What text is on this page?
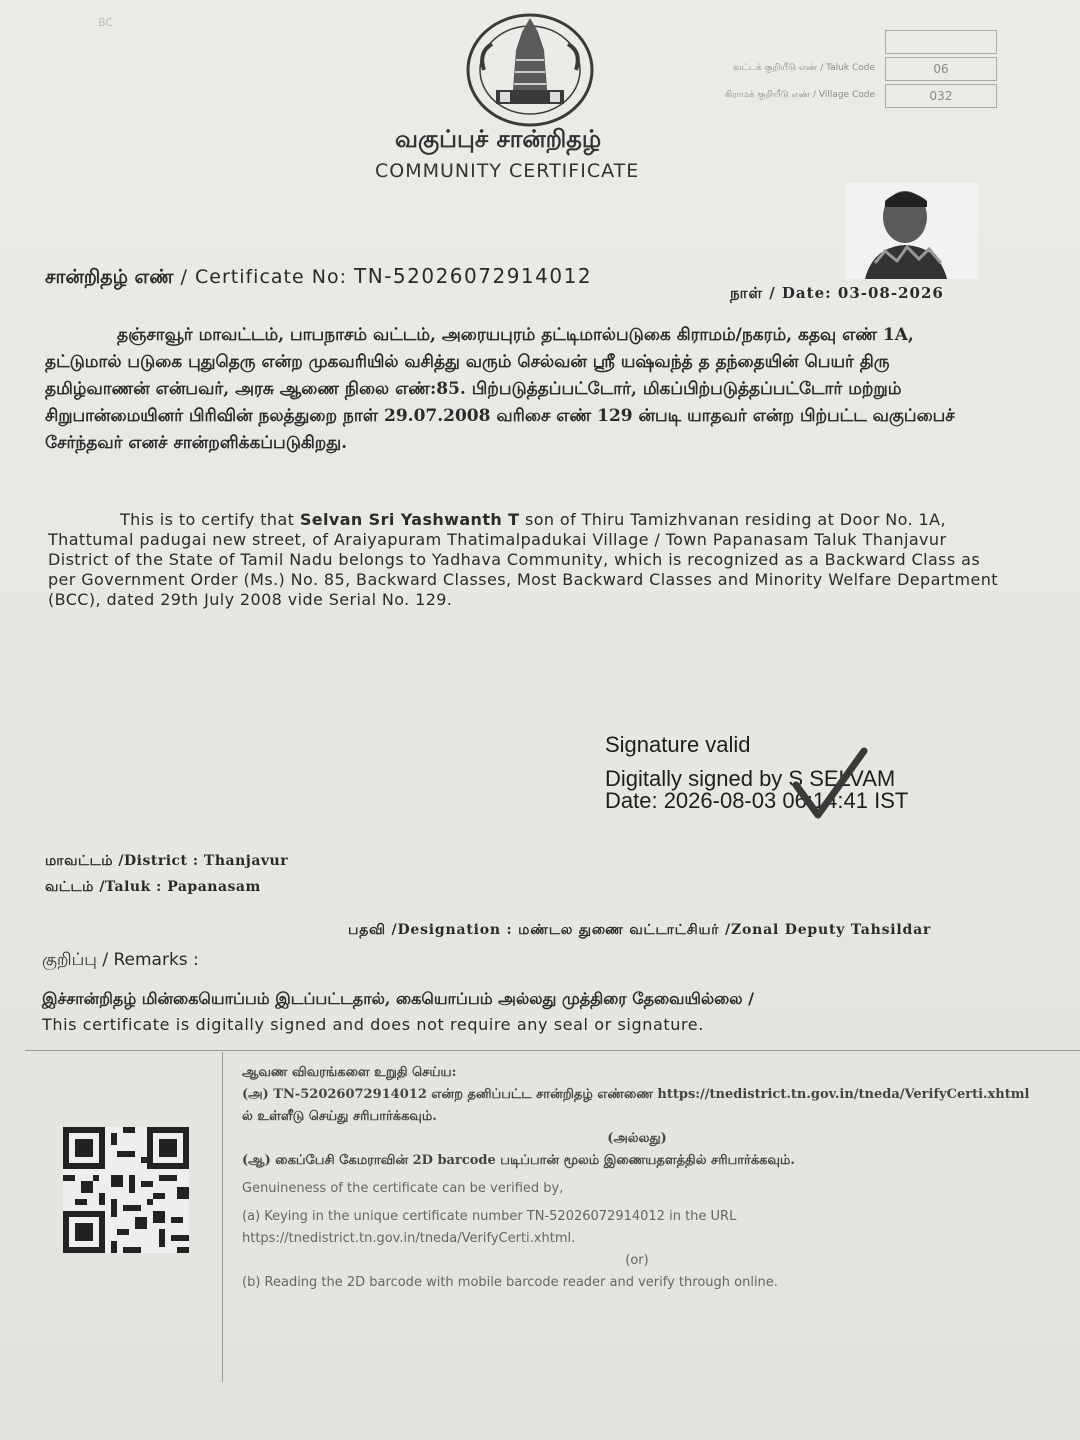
BC
வகுப்புச் சான்றிதழ்
COMMUNITY CERTIFICATE
வட்டக் குறியீடு எண் / Taluk Code	06
கிராமக் குறியீடு எண் / Village Code	032
சான்றிதழ் எண் / Certificate No: TN-52026072914012
நாள் / Date: 03-08-2026
தஞ்சாவூர் மாவட்டம், பாபநாசம் வட்டம், அரையபுரம் தட்டிமால்படுகை கிராமம்/நகரம், கதவு எண் 1A, தட்டுமால் படுகை புதுதெரு என்ற முகவரியில் வசித்து வரும் செல்வன் ஸ்ரீ யஷ்வந்த் த தந்தையின் பெயர் திரு தமிழ்வாணன் என்பவர், அரசு ஆணை நிலை எண்:85. பிற்படுத்தப்பட்டோர், மிகப்பிற்படுத்தப்பட்டோர் மற்றும் சிறுபான்மையினர் பிரிவின் நலத்துறை நாள் 29.07.2008 வரிசை எண் 129 ன்படி யாதவர் என்ற பிற்பட்ட வகுப்பைச் சேர்ந்தவர் எனச் சான்றளிக்கப்படுகிறது.
This is to certify that Selvan Sri Yashwanth T son of Thiru Tamizhvanan residing at Door No. 1A, Thattumal padugai new street, of Araiyapuram Thatimalpadukai Village / Town Papanasam Taluk Thanjavur District of the State of Tamil Nadu belongs to Yadhava Community, which is recognized as a Backward Class as per Government Order (Ms.) No. 85, Backward Classes, Most Backward Classes and Minority Welfare Department (BCC), dated 29th July 2008 vide Serial No. 129.
Signature valid
Digitally signed by S SELVAM
Date: 2026-08-03 06:14:41 IST
மாவட்டம் /District : Thanjavur
வட்டம் /Taluk : Papanasam
பதவி /Designation : மண்டல துணை வட்டாட்சியர் /Zonal Deputy Tahsildar
குறிப்பு / Remarks :
இச்சான்றிதழ் மின்கையொப்பம் இடப்பட்டதால், கையொப்பம் அல்லது முத்திரை தேவையில்லை /
This certificate is digitally signed and does not require any seal or signature.
ஆவண விவரங்களை உறுதி செய்ய:
(அ) TN-52026072914012 என்ற தனிப்பட்ட சான்றிதழ் எண்ணை https://tnedistrict.tn.gov.in/tneda/VerifyCerti.xhtml ல் உள்ளீடு செய்து சரிபார்க்கவும்.
(அல்லது)
(ஆ) கைப்பேசி கேமராவின் 2D barcode படிப்பான் மூலம் இணையதளத்தில் சரிபார்க்கவும்.
Genuineness of the certificate can be verified by,
(a) Keying in the unique certificate number TN-52026072914012 in the URL https://tnedistrict.tn.gov.in/tneda/VerifyCerti.xhtml.
(or)
(b) Reading the 2D barcode with mobile barcode reader and verify through online.
